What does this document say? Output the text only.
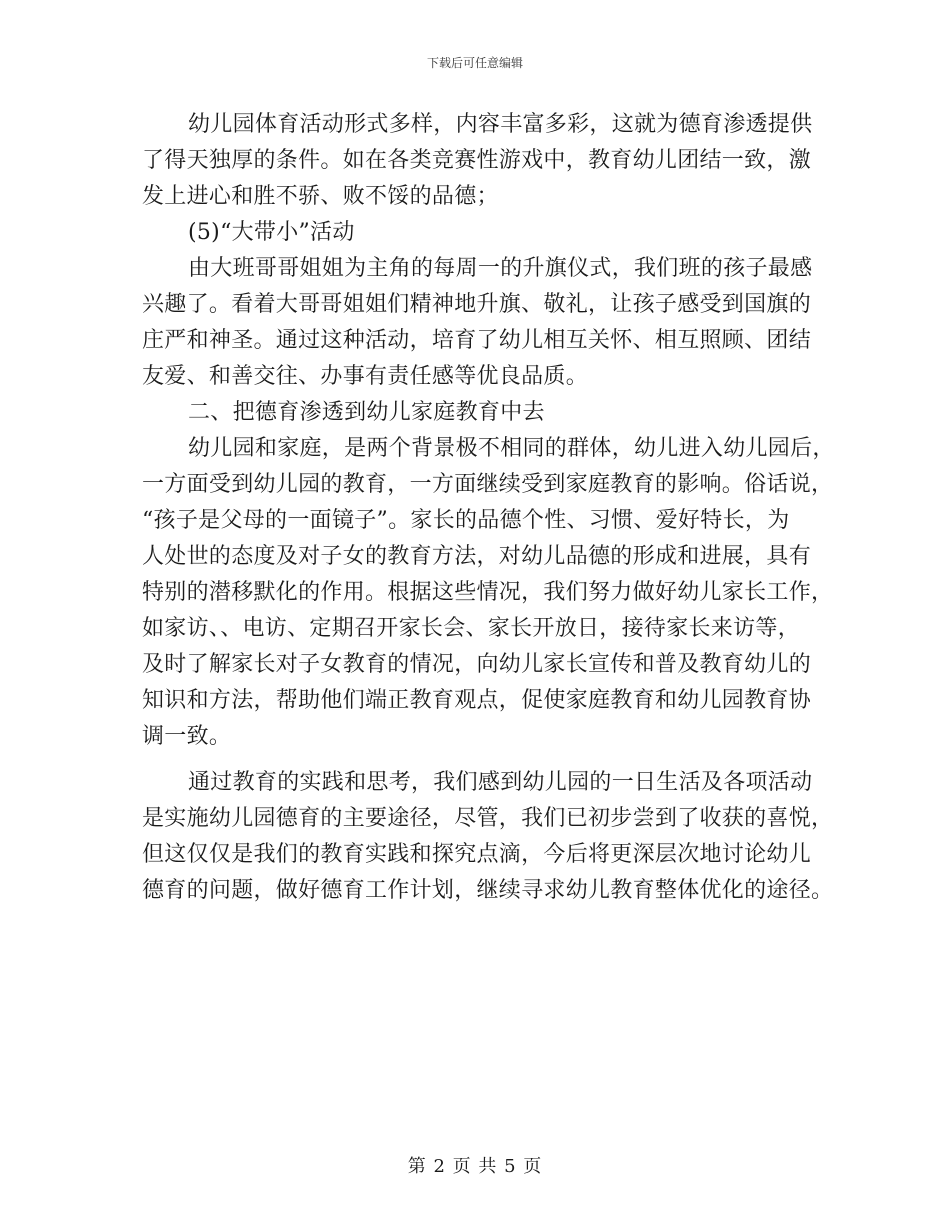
下载后可任意编辑
幼儿园体育活动形式多样，内容丰富多彩，这就为德育渗透提供
了得天独厚的条件。如在各类竞赛性游戏中，教育幼儿团结一致，激
发上进心和胜不骄、败不馁的品德；
(5)“大带小”活动
由大班哥哥姐姐为主角的每周一的升旗仪式，我们班的孩子最感
兴趣了。看着大哥哥姐姐们精神地升旗、敬礼，让孩子感受到国旗的
庄严和神圣。通过这种活动，培育了幼儿相互关怀、相互照顾、团结
友爱、和善交往、办事有责任感等优良品质。
二、把德育渗透到幼儿家庭教育中去
幼儿园和家庭，是两个背景极不相同的群体，幼儿进入幼儿园后，
一方面受到幼儿园的教育，一方面继续受到家庭教育的影响。俗话说，
“孩子是父母的一面镜子”。家长的品德个性、习惯、爱好特长，为
人处世的态度及对子女的教育方法，对幼儿品德的形成和进展，具有
特别的潜移默化的作用。根据这些情况，我们努力做好幼儿家长工作，
如家访、、电访、定期召开家长会、家长开放日，接待家长来访等，
及时了解家长对子女教育的情况，向幼儿家长宣传和普及教育幼儿的
知识和方法，帮助他们端正教育观点，促使家庭教育和幼儿园教育协
调一致。
通过教育的实践和思考，我们感到幼儿园的一日生活及各项活动
是实施幼儿园德育的主要途径，尽管，我们已初步尝到了收获的喜悦，
但这仅仅是我们的教育实践和探究点滴，今后将更深层次地讨论幼儿
德育的问题，做好德育工作计划，继续寻求幼儿教育整体优化的途径。
第 2 页 共 5 页
